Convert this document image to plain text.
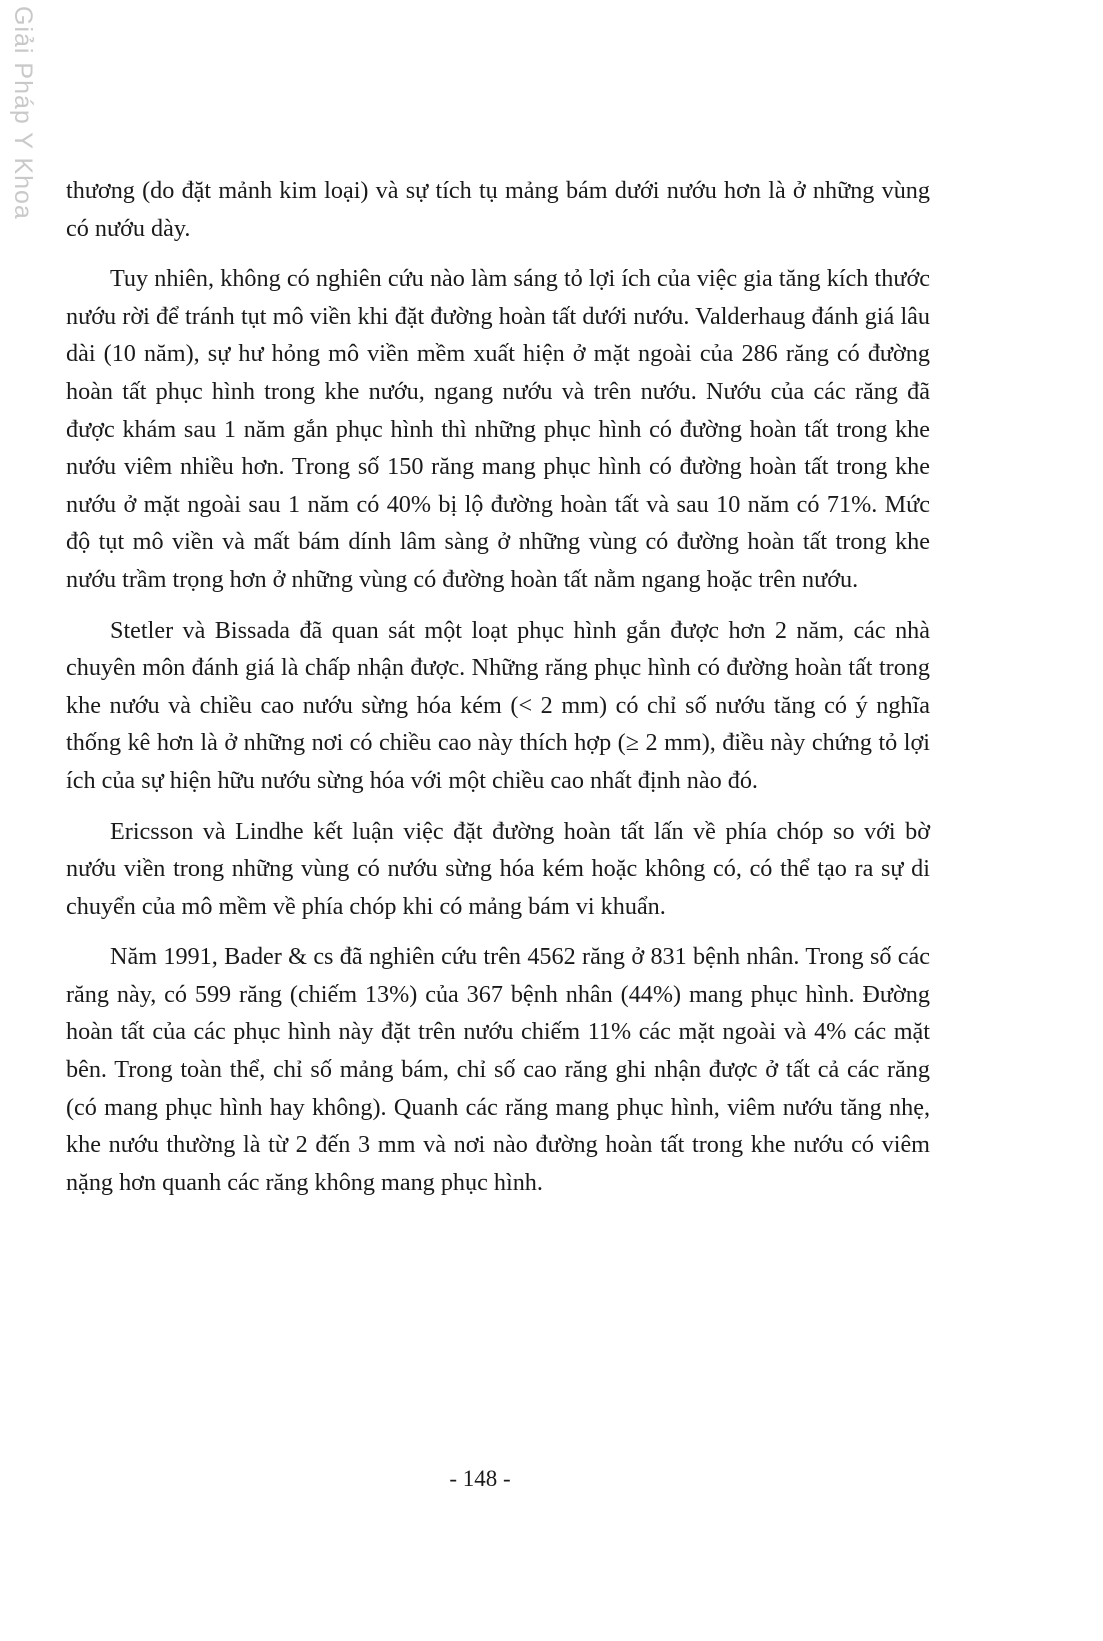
Giải Pháp Y Khoa thương (do đặt mảnh kim loại) và sự tích tụ mảng bám dưới nướu hơn là ở những vùng có nướu dày.

Tuy nhiên, không có nghiên cứu nào làm sáng tỏ lợi ích của việc gia tăng kích thước nướu rời để tránh tụt mô viền khi đặt đường hoàn tất dưới nướu. Valderhaug đánh giá lâu dài (10 năm), sự hư hỏng mô viền mềm xuất hiện ở mặt ngoài của 286 răng có đường hoàn tất phục hình trong khe nướu, ngang nướu và trên nướu. Nướu của các răng đã được khám sau 1 năm gắn phục hình thì những phục hình có đường hoàn tất trong khe nướu viêm nhiều hơn. Trong số 150 răng mang phục hình có đường hoàn tất trong khe nướu ở mặt ngoài sau 1 năm có 40% bị lộ đường hoàn tất và sau 10 năm có 71%. Mức độ tụt mô viền và mất bám dính lâm sàng ở những vùng có đường hoàn tất trong khe nướu trầm trọng hơn ở những vùng có đường hoàn tất nằm ngang hoặc trên nướu.

Stetler và Bissada đã quan sát một loạt phục hình gắn được hơn 2 năm, các nhà chuyên môn đánh giá là chấp nhận được. Những răng phục hình có đường hoàn tất trong khe nướu và chiều cao nướu sừng hóa kém (< 2 mm) có chỉ số nướu tăng có ý nghĩa thống kê hơn là ở những nơi có chiều cao này thích hợp (≥ 2 mm), điều này chứng tỏ lợi ích của sự hiện hữu nướu sừng hóa với một chiều cao nhất định nào đó.

Ericsson và Lindhe kết luận việc đặt đường hoàn tất lấn về phía chóp so với bờ nướu viền trong những vùng có nướu sừng hóa kém hoặc không có, có thể tạo ra sự di chuyển của mô mềm về phía chóp khi có mảng bám vi khuẩn.

Năm 1991, Bader & cs đã nghiên cứu trên 4562 răng ở 831 bệnh nhân. Trong số các răng này, có 599 răng (chiếm 13%) của 367 bệnh nhân (44%) mang phục hình. Đường hoàn tất của các phục hình này đặt trên nướu chiếm 11% các mặt ngoài và 4% các mặt bên. Trong toàn thể, chỉ số mảng bám, chỉ số cao răng ghi nhận được ở tất cả các răng (có mang phục hình hay không). Quanh các răng mang phục hình, viêm nướu tăng nhẹ, khe nướu thường là từ 2 đến 3 mm và nơi nào đường hoàn tất trong khe nướu có viêm nặng hơn quanh các răng không mang phục hình.

- 148 -
